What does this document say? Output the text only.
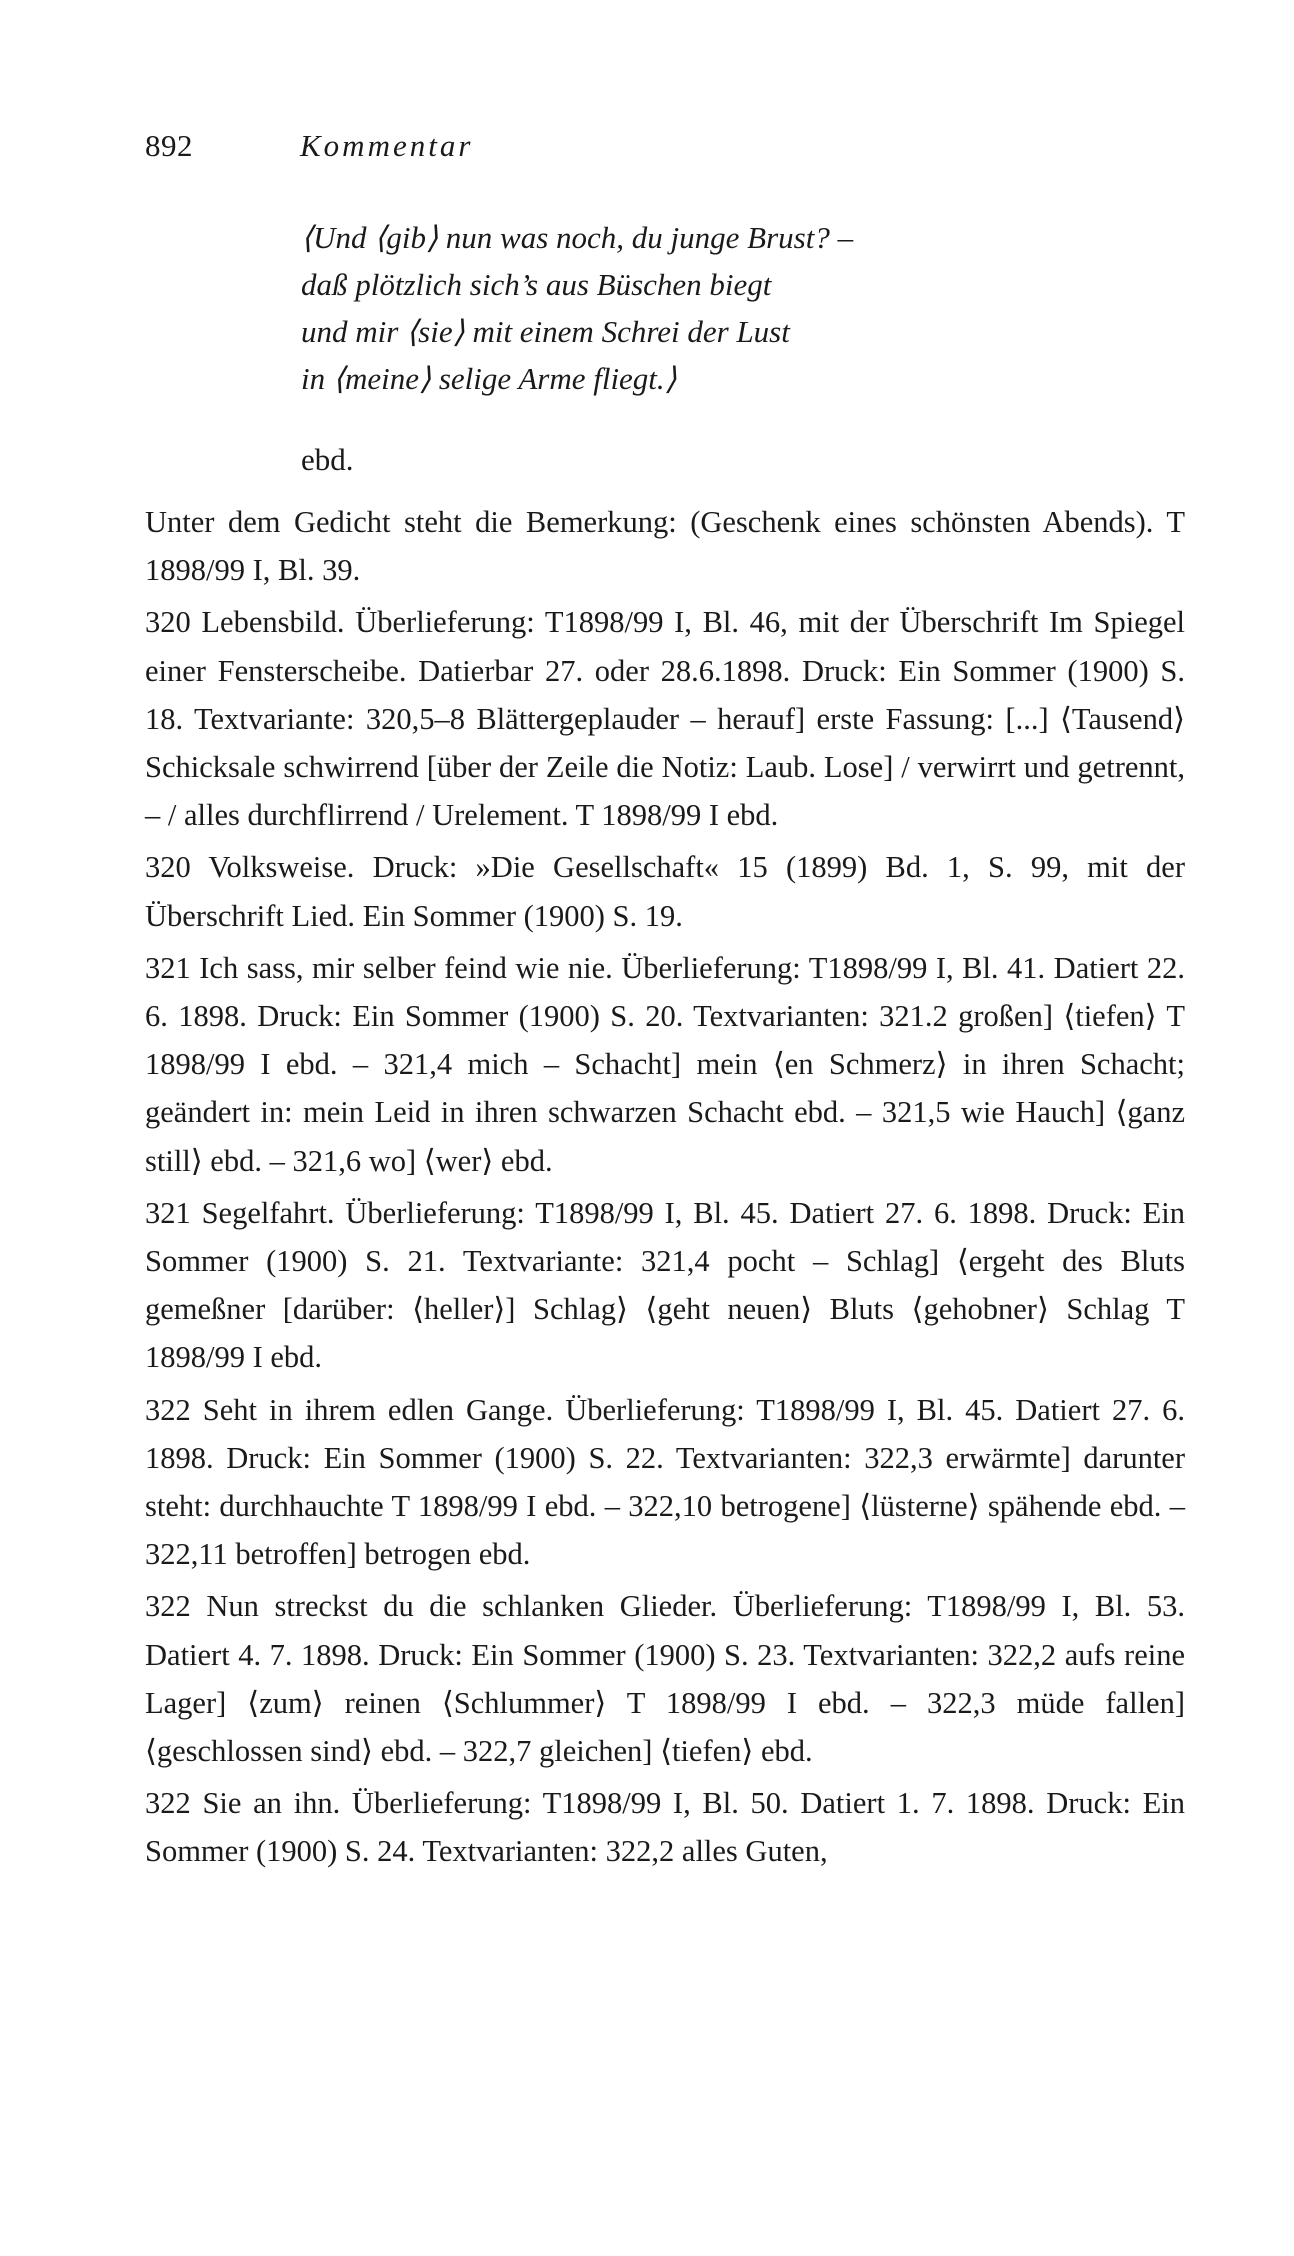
892	Kommentar
⟨Und ⟨gib⟩ nun was noch, du junge Brust? –
daß plötzlich sich’s aus Büschen biegt
und mir ⟨sie⟩ mit einem Schrei der Lust
in ⟨meine⟩ selige Arme fliegt.⟩
ebd.

Unter dem Gedicht steht die Bemerkung: (Geschenk eines schönsten Abends). T 1898/99 I, Bl. 39.

320 Lebensbild. Überlieferung: T1898/99 I, Bl. 46, mit der Überschrift Im Spiegel einer Fensterscheibe. Datierbar 27. oder 28.6.1898. Druck: Ein Sommer (1900) S. 18. Textvariante: 320,5–8 Blättergeplauder – herauf] erste Fassung: [...] ⟨Tausend⟩ Schicksale schwirrend [über der Zeile die Notiz: Laub. Lose] / verwirrt und getrennt, – / alles durchflirrend / Urelement. T 1898/99 I ebd.

320 Volksweise. Druck: »Die Gesellschaft« 15 (1899) Bd. 1, S. 99, mit der Überschrift Lied. Ein Sommer (1900) S. 19.

321 Ich sass, mir selber feind wie nie. Überlieferung: T1898/99 I, Bl. 41. Datiert 22. 6. 1898. Druck: Ein Sommer (1900) S. 20. Textvarianten: 321.2 großen] ⟨tiefen⟩ T 1898/99 I ebd. – 321,4 mich – Schacht] mein ⟨en Schmerz⟩ in ihren Schacht; geändert in: mein Leid in ihren schwarzen Schacht ebd. – 321,5 wie Hauch] ⟨ganz still⟩ ebd. – 321,6 wo] ⟨wer⟩ ebd.

321 Segelfahrt. Überlieferung: T1898/99 I, Bl. 45. Datiert 27. 6. 1898. Druck: Ein Sommer (1900) S. 21. Textvariante: 321,4 pocht – Schlag] ⟨ergeht des Bluts gemeßner [darüber: ⟨heller⟩] Schlag⟩ ⟨geht neuen⟩ Bluts ⟨gehobner⟩ Schlag T 1898/99 I ebd.

322 Seht in ihrem edlen Gange. Überlieferung: T1898/99 I, Bl. 45. Datiert 27. 6. 1898. Druck: Ein Sommer (1900) S. 22. Textvarianten: 322,3 erwärmte] darunter steht: durchhauchte T 1898/99 I ebd. – 322,10 betrogene] ⟨lüsterne⟩ spähende ebd. – 322,11 betroffen] betrogen ebd.

322 Nun streckst du die schlanken Glieder. Überlieferung: T1898/99 I, Bl. 53. Datiert 4. 7. 1898. Druck: Ein Sommer (1900) S. 23. Textvarianten: 322,2 aufs reine Lager] ⟨zum⟩ reinen ⟨Schlummer⟩ T 1898/99 I ebd. – 322,3 müde fallen] ⟨geschlossen sind⟩ ebd. – 322,7 gleichen] ⟨tiefen⟩ ebd.

322 Sie an ihn. Überlieferung: T1898/99 I, Bl. 50. Datiert 1. 7. 1898. Druck: Ein Sommer (1900) S. 24. Textvarianten: 322,2 alles Guten,
